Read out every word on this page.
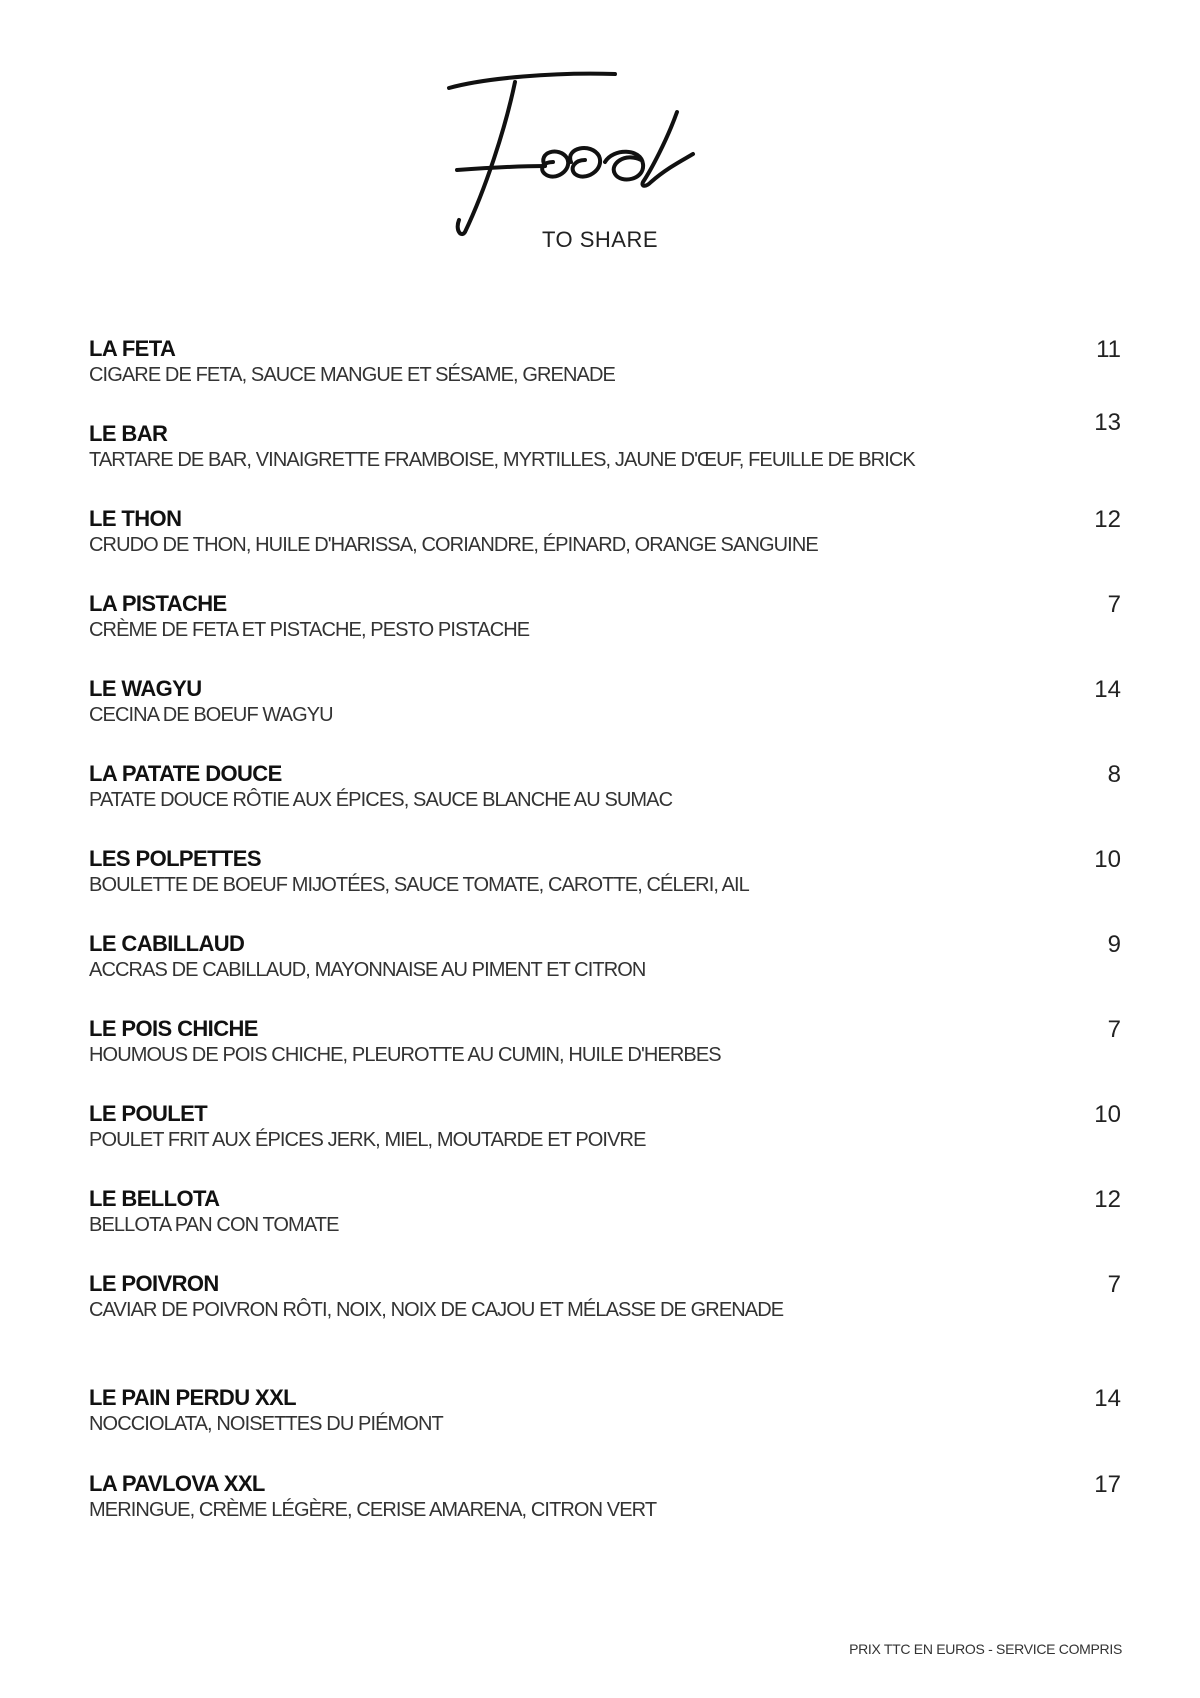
TO SHARE
LA FETA
CIGARE DE FETA, SAUCE MANGUE ET SÉSAME, GRENADE
11
LE BAR
TARTARE DE BAR, VINAIGRETTE FRAMBOISE, MYRTILLES, JAUNE D'ŒUF, FEUILLE DE BRICK
13
LE THON
CRUDO DE THON, HUILE D'HARISSA, CORIANDRE, ÉPINARD, ORANGE SANGUINE
12
LA PISTACHE
CRÈME DE FETA ET PISTACHE, PESTO PISTACHE
7
LE WAGYU
CECINA DE BOEUF WAGYU
14
LA PATATE DOUCE
PATATE DOUCE RÔTIE AUX ÉPICES, SAUCE BLANCHE AU SUMAC
8
LES POLPETTES
BOULETTE DE BOEUF MIJOTÉES, SAUCE TOMATE, CAROTTE, CÉLERI, AIL
10
LE CABILLAUD
ACCRAS DE CABILLAUD, MAYONNAISE AU PIMENT ET CITRON
9
LE POIS CHICHE
HOUMOUS DE POIS CHICHE, PLEUROTTE AU CUMIN, HUILE D'HERBES
7
LE POULET
POULET FRIT AUX ÉPICES JERK, MIEL, MOUTARDE ET POIVRE
10
LE BELLOTA
BELLOTA PAN CON TOMATE
12
LE POIVRON
CAVIAR DE POIVRON RÔTI, NOIX, NOIX DE CAJOU ET MÉLASSE DE GRENADE
7
LE PAIN PERDU XXL
NOCCIOLATA, NOISETTES DU PIÉMONT
14
LA PAVLOVA XXL
MERINGUE, CRÈME LÉGÈRE, CERISE AMARENA, CITRON VERT
17
PRIX TTC EN EUROS - SERVICE COMPRIS
